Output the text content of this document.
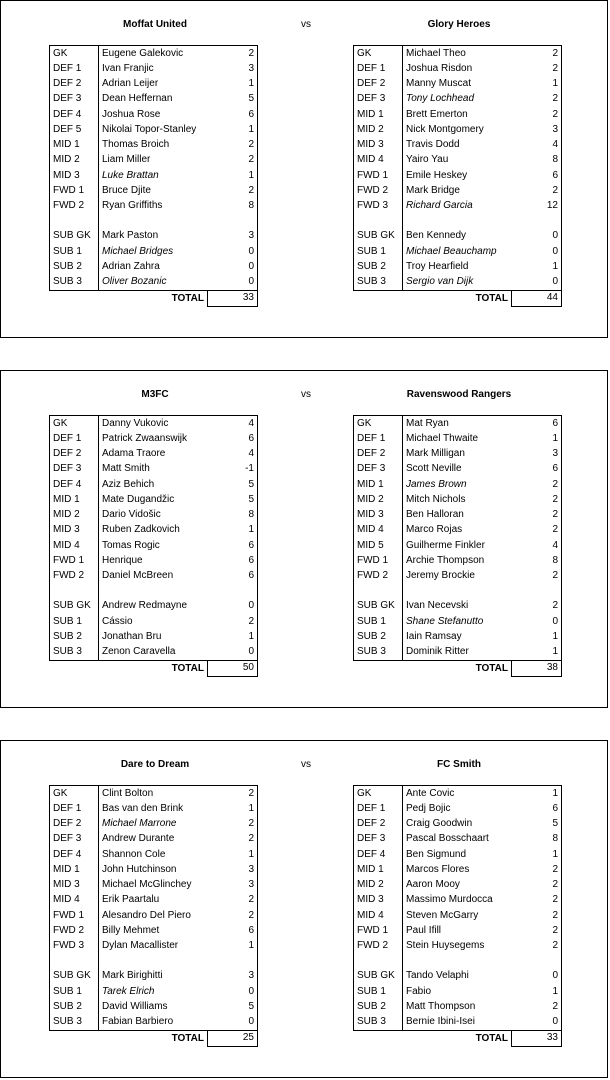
Moffat United	vs	Glory Heroes
GK	Eugene Galekovic	2
DEF 1	Ivan Franjic	3
DEF 2	Adrian Leijer	1
DEF 3	Dean Heffernan	5
DEF 4	Joshua Rose	6
DEF 5	Nikolai Topor-Stanley	1
MID 1	Thomas Broich	2
MID 2	Liam Miller	2
MID 3	Luke Brattan	1
FWD 1	Bruce Djite	2
FWD 2	Ryan Griffiths	8

SUB GK	Mark Paston	3
SUB 1	Michael Bridges	0
SUB 2	Adrian Zahra	0
SUB 3	Oliver Bozanic	0
	TOTAL	33
GK	Michael Theo	2
DEF 1	Joshua Risdon	2
DEF 2	Manny Muscat	1
DEF 3	Tony Lochhead	2
MID 1	Brett Emerton	2
MID 2	Nick Montgomery	3
MID 3	Travis Dodd	4
MID 4	Yairo Yau	8
FWD 1	Emile Heskey	6
FWD 2	Mark Bridge	2
FWD 3	Richard Garcia	12

SUB GK	Ben Kennedy	0
SUB 1	Michael Beauchamp	0
SUB 2	Troy Hearfield	1
SUB 3	Sergio van Dijk	0
	TOTAL	44
M3FC	vs	Ravenswood Rangers
GK	Danny Vukovic	4
DEF 1	Patrick Zwaanswijk	6
DEF 2	Adama Traore	4
DEF 3	Matt Smith	-1
DEF 4	Aziz Behich	5
MID 1	Mate Dugandžic	5
MID 2	Dario Vidošic	8
MID 3	Ruben Zadkovich	1
MID 4	Tomas Rogic	6
FWD 1	Henrique	6
FWD 2	Daniel McBreen	6

SUB GK	Andrew Redmayne	0
SUB 1	Cássio	2
SUB 2	Jonathan Bru	1
SUB 3	Zenon Caravella	0
	TOTAL	50
GK	Mat Ryan	6
DEF 1	Michael Thwaite	1
DEF 2	Mark Milligan	3
DEF 3	Scott Neville	6
MID 1	James Brown	2
MID 2	Mitch Nichols	2
MID 3	Ben Halloran	2
MID 4	Marco Rojas	2
MID 5	Guilherme Finkler	4
FWD 1	Archie Thompson	8
FWD 2	Jeremy Brockie	2

SUB GK	Ivan Necevski	2
SUB 1	Shane Stefanutto	0
SUB 2	Iain Ramsay	1
SUB 3	Dominik Ritter	1
	TOTAL	38
Dare to Dream	vs	FC Smith
GK	Clint Bolton	2
DEF 1	Bas van den Brink	1
DEF 2	Michael Marrone	2
DEF 3	Andrew Durante	2
DEF 4	Shannon Cole	1
MID 1	John Hutchinson	3
MID 3	Michael McGlinchey	3
MID 4	Erik Paartalu	2
FWD 1	Alesandro Del Piero	2
FWD 2	Billy Mehmet	6
FWD 3	Dylan Macallister	1

SUB GK	Mark Birighitti	3
SUB 1	Tarek Elrich	0
SUB 2	David Williams	5
SUB 3	Fabian Barbiero	0
	TOTAL	25
GK	Ante Covic	1
DEF 1	Pedj Bojic	6
DEF 2	Craig Goodwin	5
DEF 3	Pascal Bosschaart	8
DEF 4	Ben Sigmund	1
MID 1	Marcos Flores	2
MID 2	Aaron Mooy	2
MID 3	Massimo Murdocca	2
MID 4	Steven McGarry	2
FWD 1	Paul Ifill	2
FWD 2	Stein Huysegems	2

SUB GK	Tando Velaphi	0
SUB 1	Fabio	1
SUB 2	Matt Thompson	2
SUB 3	Bernie Ibini-Isei	0
	TOTAL	33
